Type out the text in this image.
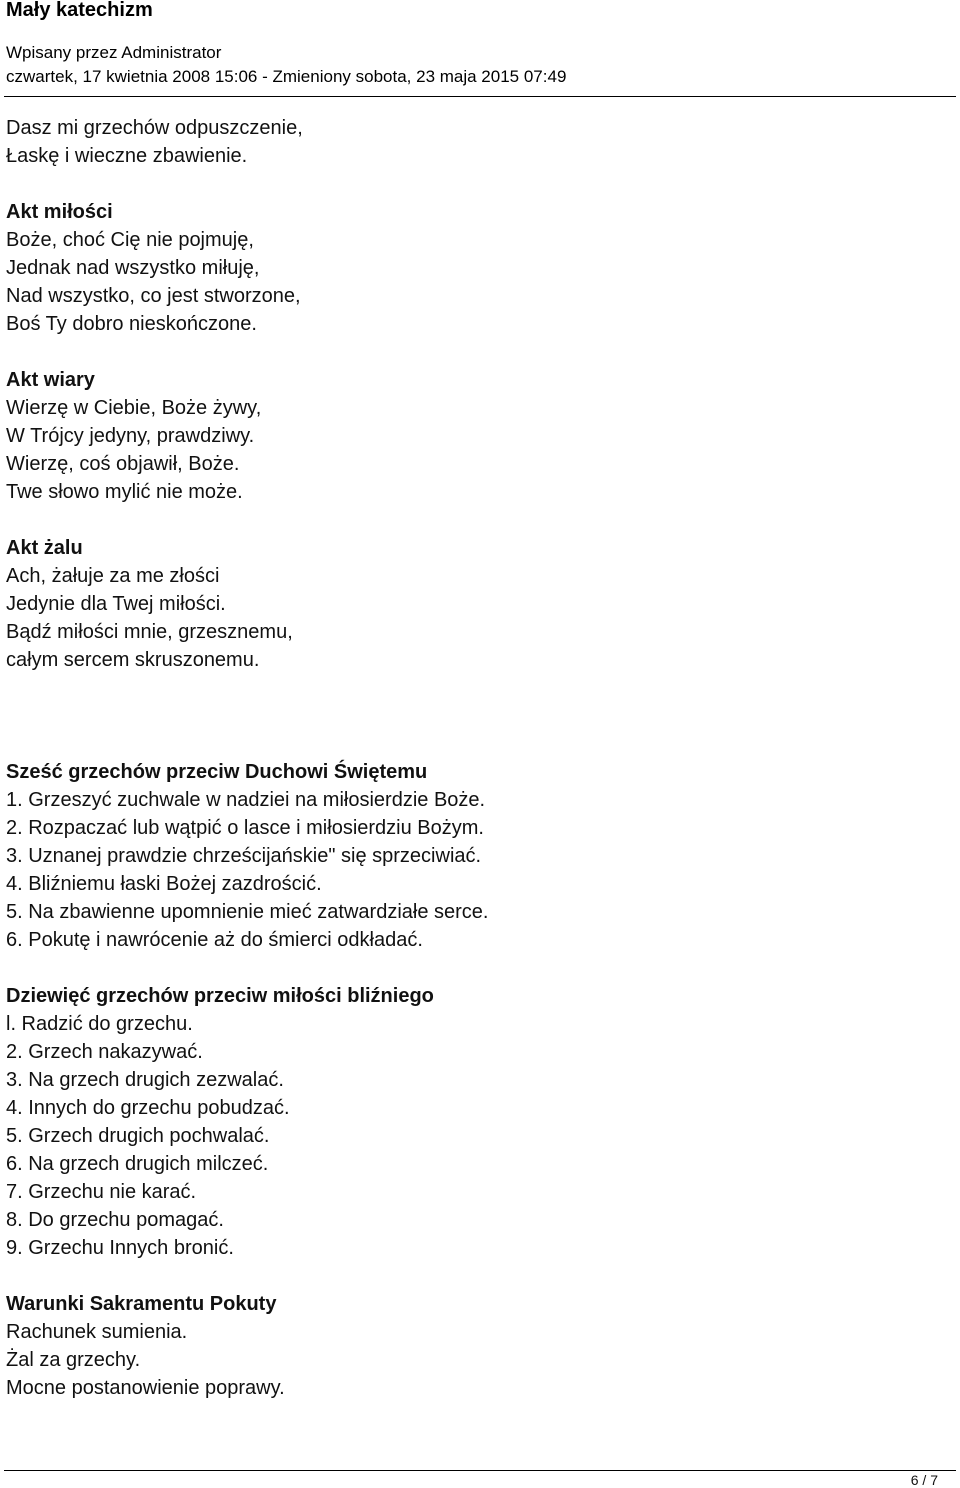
Mały katechizm
Wpisany przez Administrator
czwartek, 17 kwietnia 2008 15:06 - Zmieniony sobota, 23 maja 2015 07:49
Dasz mi grzechów odpuszczenie,
Łaskę i wieczne zbawienie.
Akt miłości
Boże, choć Cię nie pojmuję,
Jednak nad wszystko miłuję,
Nad wszystko, co jest stworzone,
Boś Ty dobro nieskończone.
Akt wiary
Wierzę w Ciebie, Boże żywy,
W Trójcy jedyny, prawdziwy.
Wierzę, coś objawił, Boże.
Twe słowo mylić nie może.
Akt żalu
Ach, żałuje za me złości
Jedynie dla Twej miłości.
Bądź miłości mnie, grzesznemu,
całym sercem skruszonemu.
Sześć grzechów przeciw Duchowi Świętemu
1. Grzeszyć zuchwale w nadziei na miłosierdzie Boże.
2. Rozpaczać lub wątpić o lasce i miłosierdziu Bożym.
3. Uznanej prawdzie chrześcijańskie" się sprzeciwiać.
4. Bliźniemu łaski Bożej zazdrościć.
5. Na zbawienne upomnienie mieć zatwardziałe serce.
6. Pokutę i nawrócenie aż do śmierci odkładać.
Dziewięć grzechów przeciw miłości bliźniego
l. Radzić do grzechu.
2. Grzech nakazywać.
3. Na grzech drugich zezwalać.
4. Innych do grzechu pobudzać.
5. Grzech drugich pochwalać.
6. Na grzech drugich milczeć.
7. Grzechu nie karać.
8. Do grzechu pomagać.
9. Grzechu Innych bronić.
Warunki Sakramentu Pokuty
Rachunek sumienia.
Żal za grzechy.
Mocne postanowienie poprawy.
6 / 7
